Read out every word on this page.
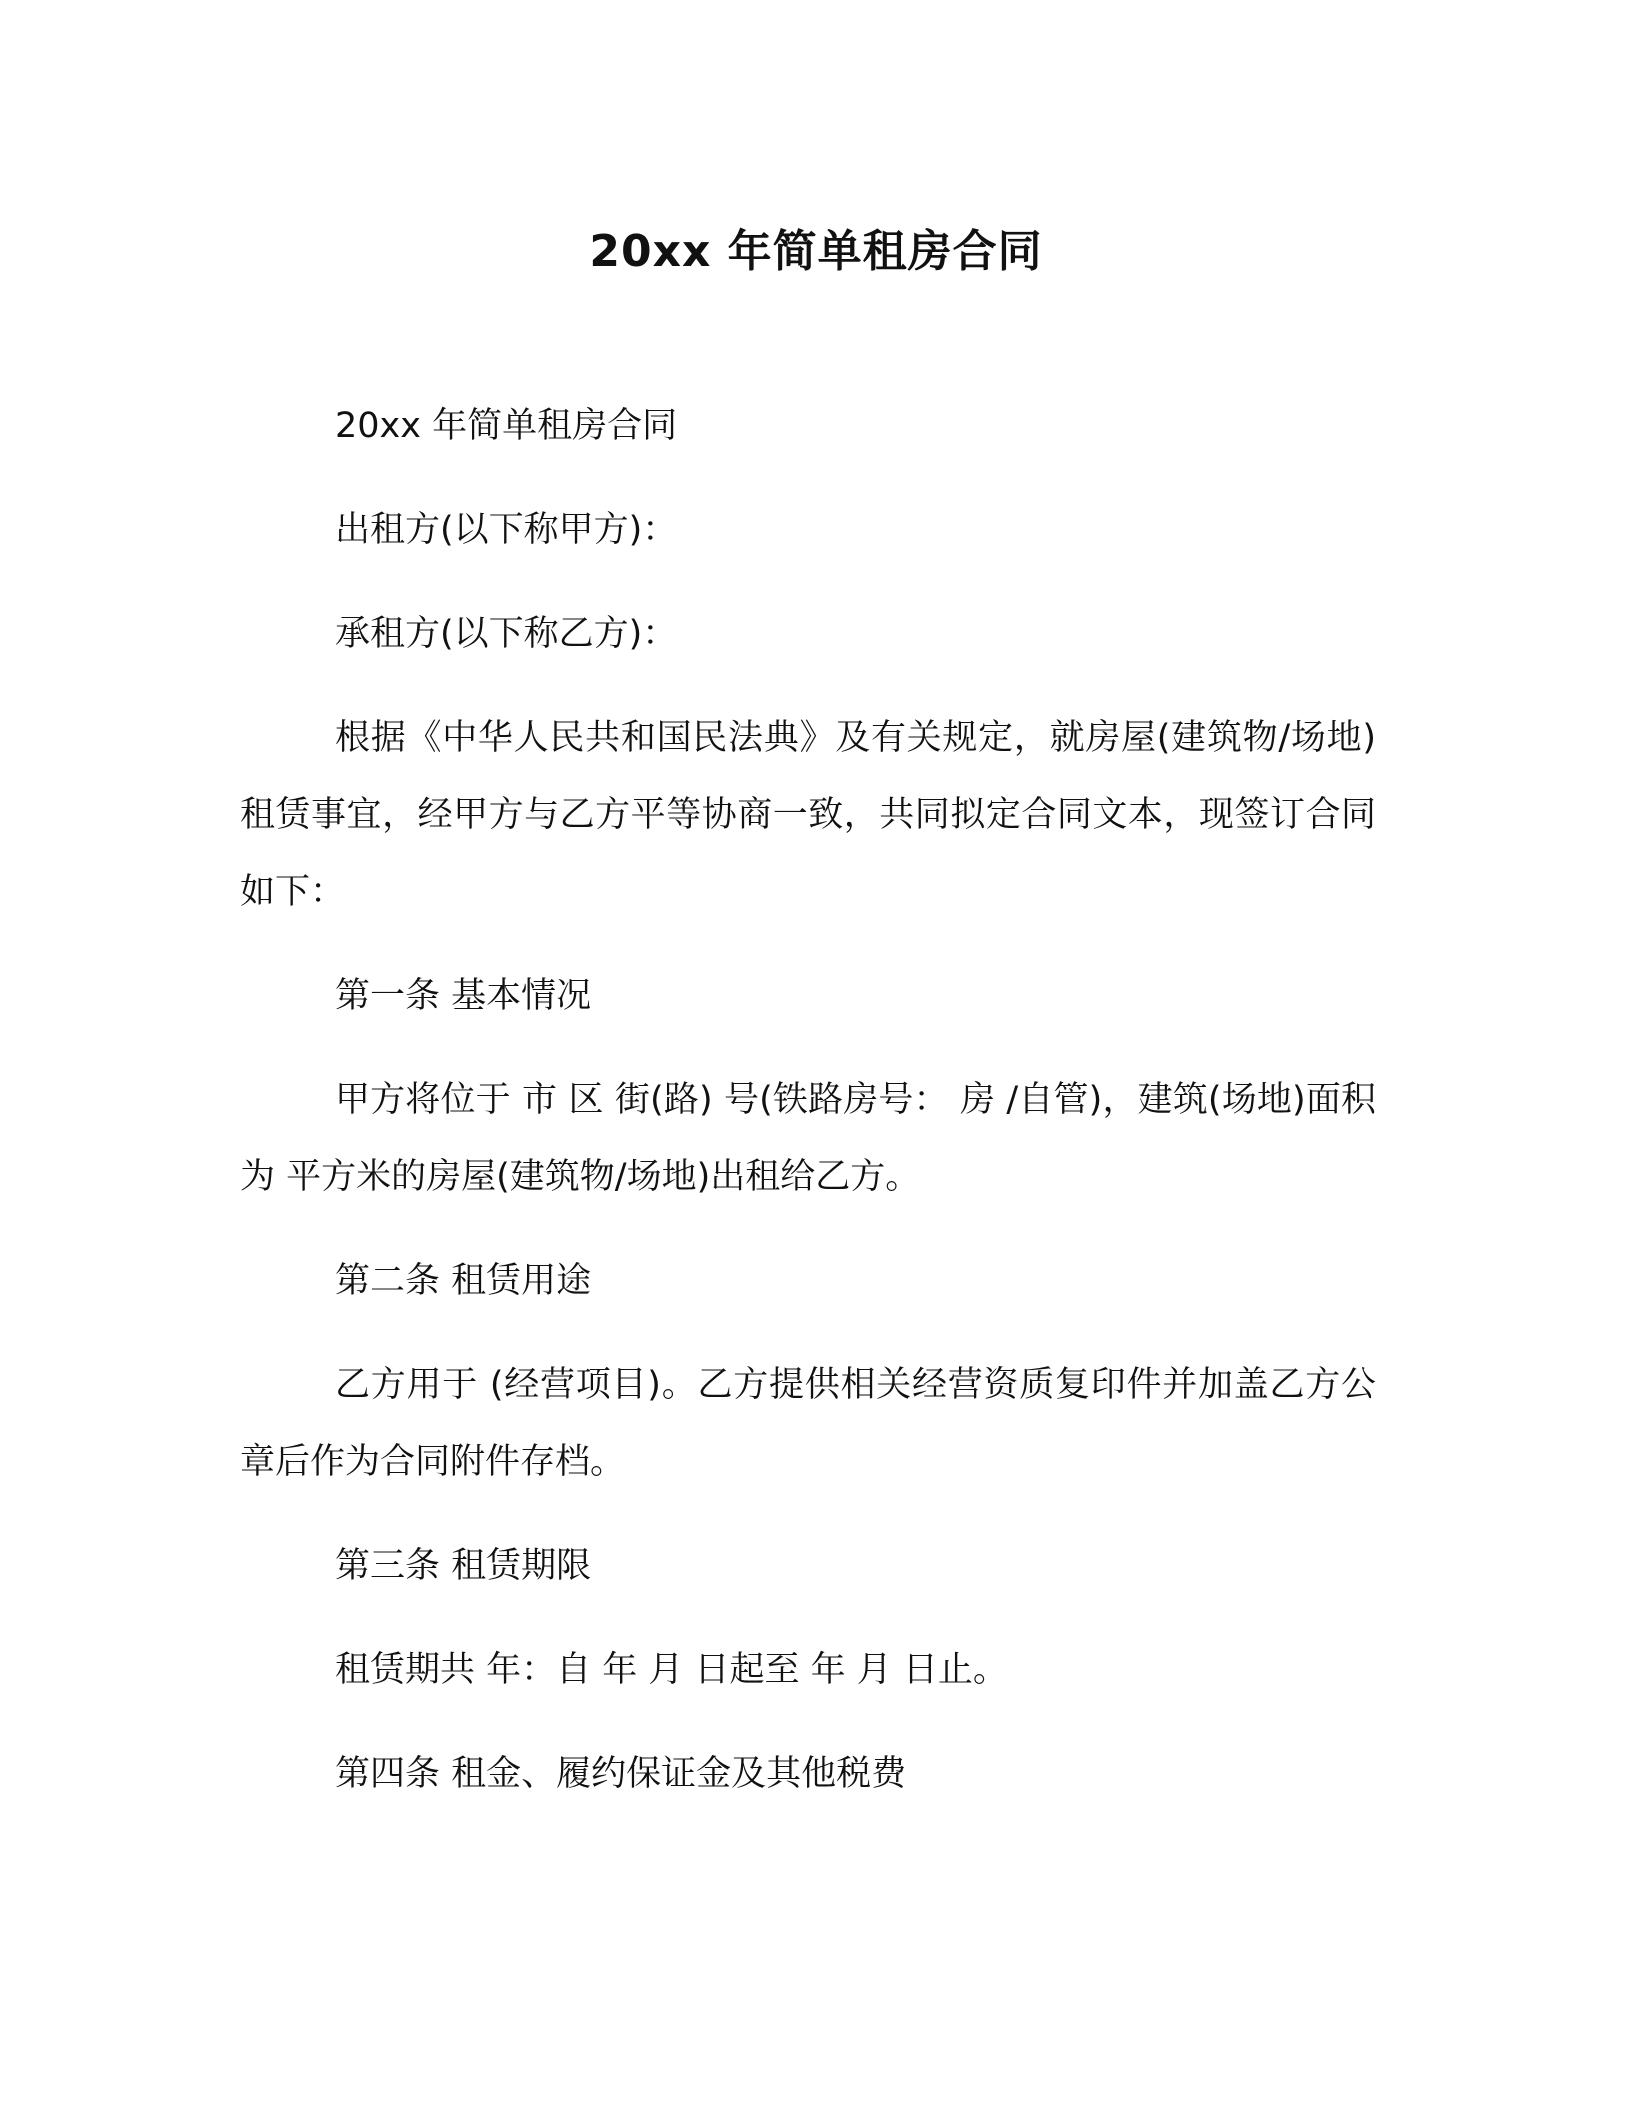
20xx 年简单租房合同

20xx 年简单租房合同

出租方(以下称甲方)：

承租方(以下称乙方)：

根据《中华人民共和国民法典》及有关规定，就房屋(建筑物/场地)租赁事宜，经甲方与乙方平等协商一致，共同拟定合同文本，现签订合同如下：

第一条 基本情况

甲方将位于 市 区 街(路) 号(铁路房号： 房 /自管)，建筑(场地)面积为 平方米的房屋(建筑物/场地)出租给乙方。

第二条 租赁用途

乙方用于 (经营项目)。乙方提供相关经营资质复印件并加盖乙方公章后作为合同附件存档。

第三条 租赁期限

租赁期共 年：自 年 月 日起至 年 月 日止。

第四条 租金、履约保证金及其他税费
